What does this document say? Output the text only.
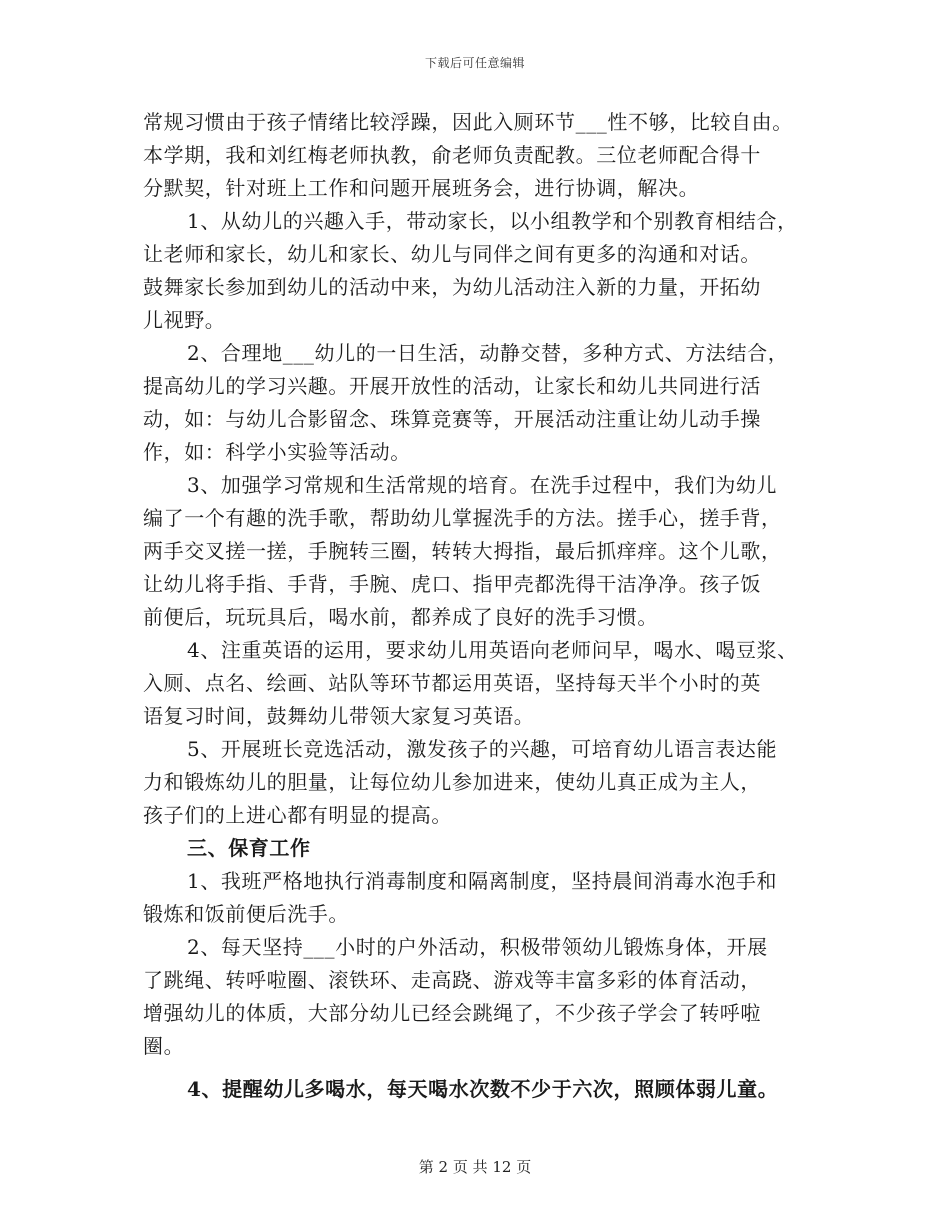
下载后可任意编辑
常规习惯由于孩子情绪比较浮躁，因此入厕环节___性不够，比较自由。
本学期，我和刘红梅老师执教，俞老师负责配教。三位老师配合得十
分默契，针对班上工作和问题开展班务会，进行协调，解决。
1、从幼儿的兴趣入手，带动家长，以小组教学和个别教育相结合，
让老师和家长，幼儿和家长、幼儿与同伴之间有更多的沟通和对话。
鼓舞家长参加到幼儿的活动中来，为幼儿活动注入新的力量，开拓幼
儿视野。
2、合理地___幼儿的一日生活，动静交替，多种方式、方法结合，
提高幼儿的学习兴趣。开展开放性的活动，让家长和幼儿共同进行活
动，如：与幼儿合影留念、珠算竞赛等，开展活动注重让幼儿动手操
作，如：科学小实验等活动。
3、加强学习常规和生活常规的培育。在洗手过程中，我们为幼儿
编了一个有趣的洗手歌，帮助幼儿掌握洗手的方法。搓手心，搓手背，
两手交叉搓一搓，手腕转三圈，转转大拇指，最后抓痒痒。这个儿歌，
让幼儿将手指、手背，手腕、虎口、指甲壳都洗得干洁净净。孩子饭
前便后，玩玩具后，喝水前，都养成了良好的洗手习惯。
4、注重英语的运用，要求幼儿用英语向老师问早，喝水、喝豆浆、
入厕、点名、绘画、站队等环节都运用英语，坚持每天半个小时的英
语复习时间，鼓舞幼儿带领大家复习英语。
5、开展班长竞选活动，激发孩子的兴趣，可培育幼儿语言表达能
力和锻炼幼儿的胆量，让每位幼儿参加进来，使幼儿真正成为主人，
孩子们的上进心都有明显的提高。
三、保育工作
1、我班严格地执行消毒制度和隔离制度，坚持晨间消毒水泡手和
锻炼和饭前便后洗手。
2、每天坚持___小时的户外活动，积极带领幼儿锻炼身体，开展
了跳绳、转呼啦圈、滚铁环、走高跷、游戏等丰富多彩的体育活动，
增强幼儿的体质，大部分幼儿已经会跳绳了，不少孩子学会了转呼啦
圈。
4、提醒幼儿多喝水，每天喝水次数不少于六次，照顾体弱儿童。
第 2 页 共 12 页
